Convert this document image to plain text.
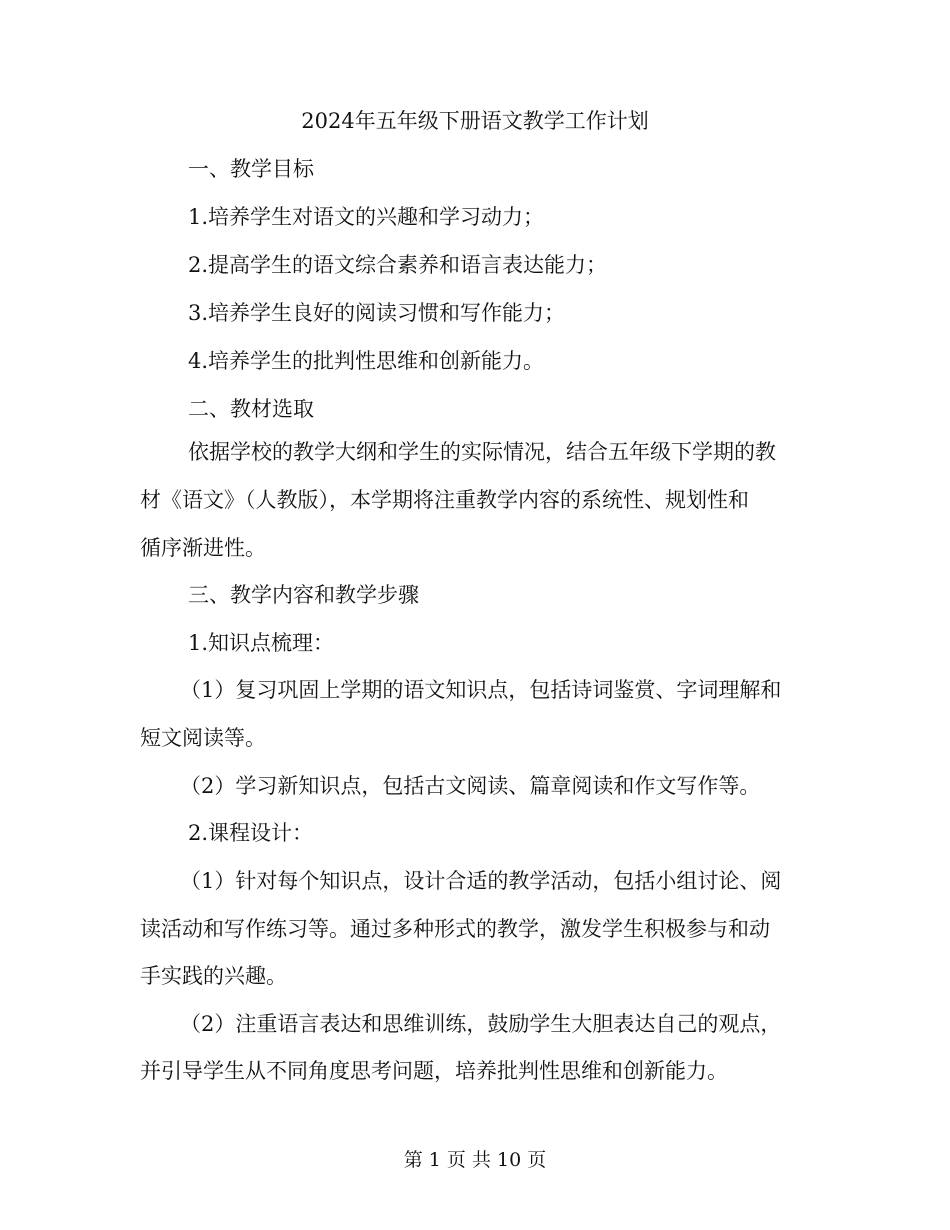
2024年五年级下册语文教学工作计划
一、教学目标
1.培养学生对语文的兴趣和学习动力；
2.提高学生的语文综合素养和语言表达能力；
3.培养学生良好的阅读习惯和写作能力；
4.培养学生的批判性思维和创新能力。
二、教材选取
依据学校的教学大纲和学生的实际情况，结合五年级下学期的教
材《语文》（人教版），本学期将注重教学内容的系统性、规划性和
循序渐进性。
三、教学内容和教学步骤
1.知识点梳理：
（1）复习巩固上学期的语文知识点，包括诗词鉴赏、字词理解和
短文阅读等。
（2）学习新知识点，包括古文阅读、篇章阅读和作文写作等。
2.课程设计：
（1）针对每个知识点，设计合适的教学活动，包括小组讨论、阅
读活动和写作练习等。通过多种形式的教学，激发学生积极参与和动
手实践的兴趣。
（2）注重语言表达和思维训练，鼓励学生大胆表达自己的观点，
并引导学生从不同角度思考问题，培养批判性思维和创新能力。
第 1 页 共 10 页
